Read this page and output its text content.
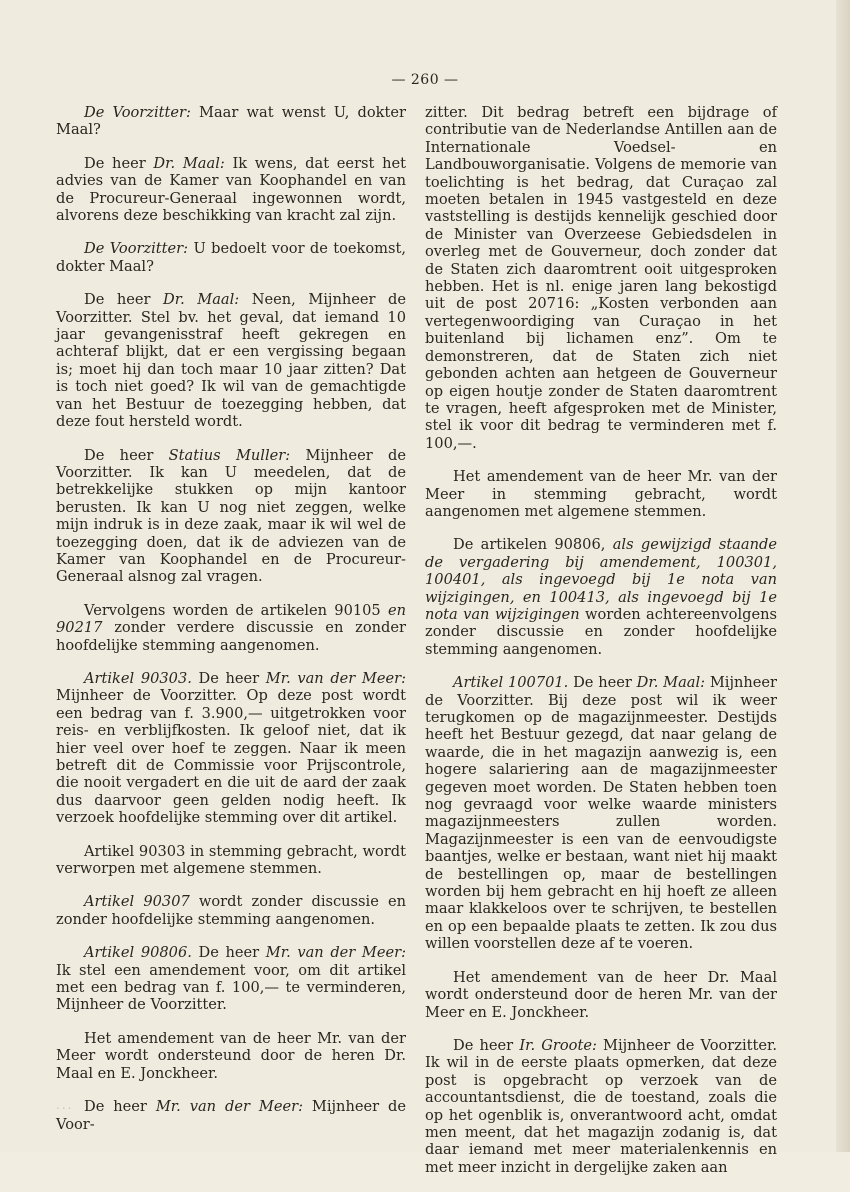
— 260 —

De Voorzitter: Maar wat wenst U, dokter Maal?

De heer Dr. Maal: Ik wens, dat eerst het advies van de Kamer van Koophandel en van de Procureur-Generaal ingewonnen wordt, alvorens deze beschikking van kracht zal zijn.

De Voorzitter: U bedoelt voor de toekomst, dokter Maal?

De heer Dr. Maal: Neen, Mijnheer de Voorzitter. Stel bv. het geval, dat iemand 10 jaar gevangenisstraf heeft gekregen en achteraf blijkt, dat er een vergissing begaan is; moet hij dan toch maar 10 jaar zitten? Dat is toch niet goed? Ik wil van de gemachtigde van het Bestuur de toezegging hebben, dat deze fout hersteld wordt.

De heer Statius Muller: Mijnheer de Voorzitter. Ik kan U meedelen, dat de betrekkelijke stukken op mijn kantoor berusten. Ik kan U nog niet zeggen, welke mijn indruk is in deze zaak, maar ik wil wel de toezegging doen, dat ik de adviezen van de Kamer van Koophandel en de Procureur-Generaal alsnog zal vragen.

Vervolgens worden de artikelen 90105 en 90217 zonder verdere discussie en zonder hoofdelijke stemming aangenomen.

Artikel 90303. De heer Mr. van der Meer: Mijnheer de Voorzitter. Op deze post wordt een bedrag van f. 3.900,— uitgetrokken voor reis- en verblijfkosten. Ik geloof niet, dat ik hier veel over hoef te zeggen. Naar ik meen betreft dit de Commissie voor Prijscontrole, die nooit vergadert en die uit de aard der zaak dus daarvoor geen gelden nodig heeft. Ik verzoek hoofdelijke stemming over dit artikel.

Artikel 90303 in stemming gebracht, wordt verworpen met algemene stemmen.

Artikel 90307 wordt zonder discussie en zonder hoofdelijke stemming aangenomen.

Artikel 90806. De heer Mr. van der Meer: Ik stel een amendement voor, om dit artikel met een bedrag van f. 100,— te verminderen, Mijnheer de Voorzitter.

Het amendement van de heer Mr. van der Meer wordt ondersteund door de heren Dr. Maal en E. Jonckheer.

De heer Mr. van der Meer: Mijnheer de Voor-

zitter. Dit bedrag betreft een bijdrage of contributie van de Nederlandse Antillen aan de Internationale Voedsel- en Landbouworganisatie. Volgens de memorie van toelichting is het bedrag, dat Curaçao zal moeten betalen in 1945 vastgesteld en deze vaststelling is destijds kennelijk geschied door de Minister van Overzeese Gebiedsdelen in overleg met de Gouverneur, doch zonder dat de Staten zich daaromtrent ooit uitgesproken hebben. Het is nl. enige jaren lang bekostigd uit de post 20716: „Kosten verbonden aan vertegenwoordiging van Curaçao in het buitenland bij lichamen enz”. Om te demonstreren, dat de Staten zich niet gebonden achten aan hetgeen de Gouverneur op eigen houtje zonder de Staten daaromtrent te vragen, heeft afgesproken met de Minister, stel ik voor dit bedrag te verminderen met f. 100,—.

Het amendement van de heer Mr. van der Meer in stemming gebracht, wordt aangenomen met algemene stemmen.

De artikelen 90806, als gewijzigd staande de vergadering bij amendement, 100301, 100401, als ingevoegd bij 1e nota van wijzigingen, en 100413, als ingevoegd bij 1e nota van wijzigingen worden achtereenvolgens zonder discussie en zonder hoofdelijke stemming aangenomen.

Artikel 100701. De heer Dr. Maal: Mijnheer de Voorzitter. Bij deze post wil ik weer terugkomen op de magazijnmeester. Destijds heeft het Bestuur gezegd, dat naar gelang de waarde, die in het magazijn aanwezig is, een hogere salariering aan de magazijnmeester gegeven moet worden. De Staten hebben toen nog gevraagd voor welke waarde ministers magazijnmeesters zullen worden. Magazijnmeester is een van de eenvoudigste baantjes, welke er bestaan, want niet hij maakt de bestellingen op, maar de bestellingen worden bij hem gebracht en hij hoeft ze alleen maar klakkeloos over te schrijven, te bestellen en op een bepaalde plaats te zetten. Ik zou dus willen voorstellen deze af te voeren.

Het amendement van de heer Dr. Maal wordt ondersteund door de heren Mr. van der Meer en E. Jonckheer.

De heer Ir. Groote: Mijnheer de Voorzitter. Ik wil in de eerste plaats opmerken, dat deze post is opgebracht op verzoek van de accountantsdienst, die de toestand, zoals die op het ogenblik is, onverantwoord acht, omdat men meent, dat het magazijn zodanig is, dat daar iemand met meer materialenkennis en met meer inzicht in dergelijke zaken aan

...
